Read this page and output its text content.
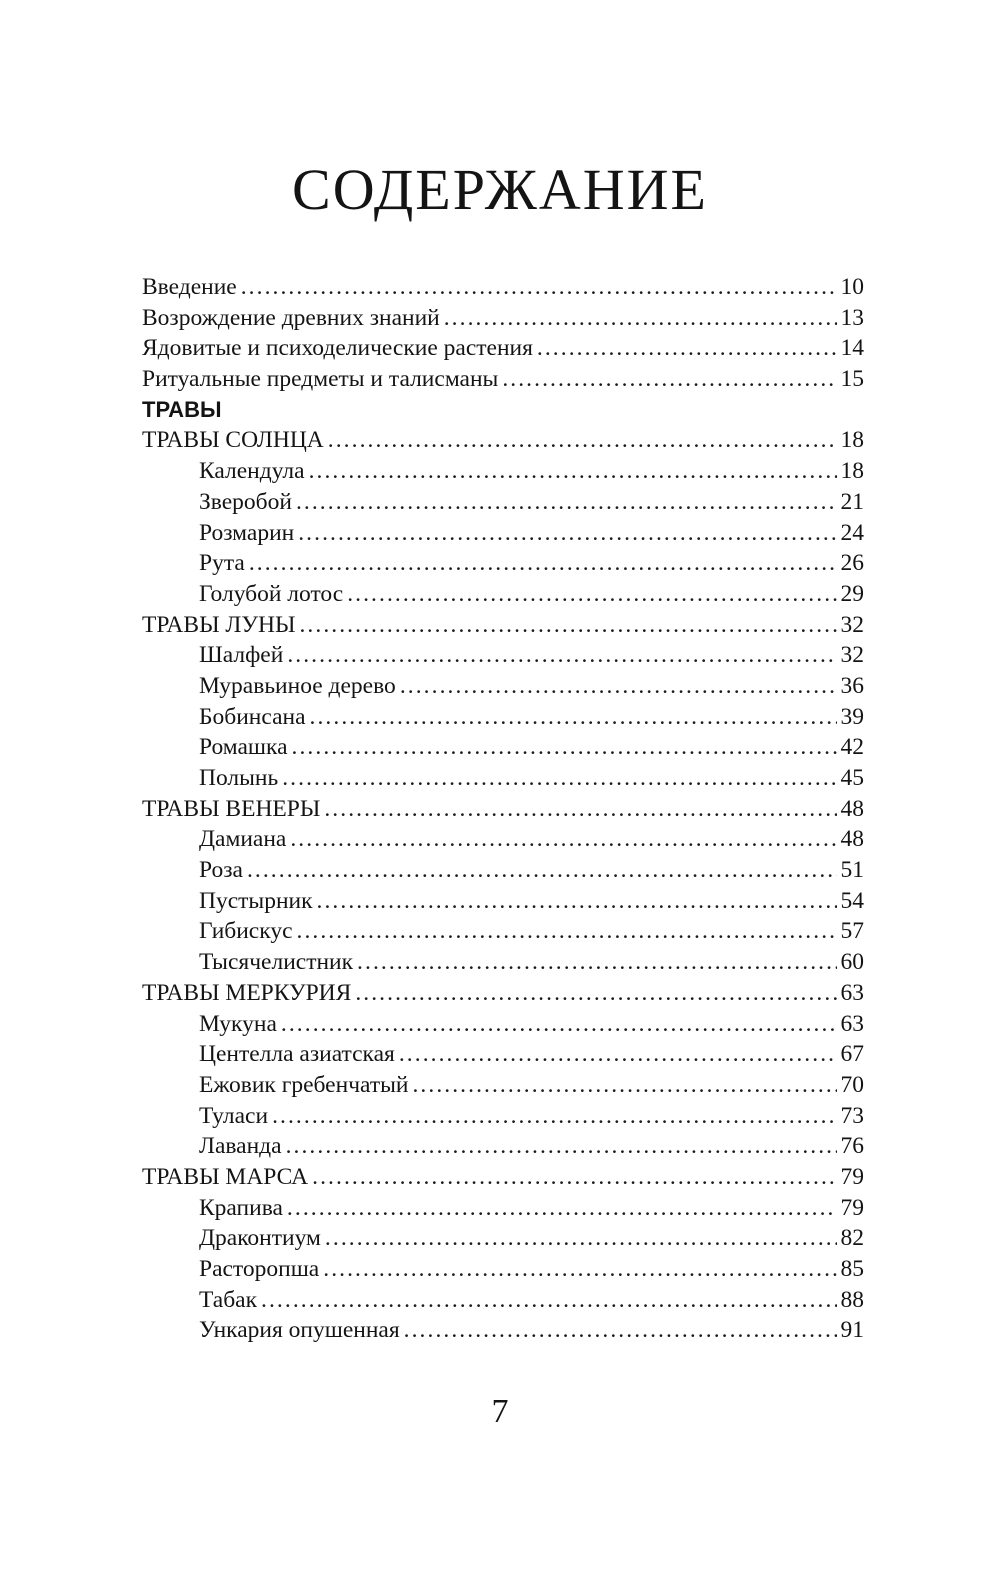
СОДЕРЖАНИЕ
Введение . . .	10
Возрождение древних знаний . . .	13
Ядовитые и психоделические растения . . .	14
Ритуальные предметы и талисманы . . .	15
ТРАВЫ
ТРАВЫ СОЛНЦА . . .	18
Календула . . .	18
Зверобой . . .	21
Розмарин . . .	24
Рута . . .	26
Голубой лотос . . .	29
ТРАВЫ ЛУНЫ . . .	32
Шалфей . . .	32
Муравьиное дерево . . .	36
Бобинсана . . .	39
Ромашка . . .	42
Полынь . . .	45
ТРАВЫ ВЕНЕРЫ . . .	48
Дамиана . . .	48
Роза . . .	51
Пустырник . . .	54
Гибискус . . .	57
Тысячелистник . . .	60
ТРАВЫ МЕРКУРИЯ . . .	63
Мукуна . . .	63
Центелла азиатская . . .	67
Ежовик гребенчатый . . .	70
Туласи . . .	73
Лаванда . . .	76
ТРАВЫ МАРСА . . .	79
Крапива . . .	79
Драконтиум . . .	82
Расторопша . . .	85
Табак . . .	88
Ункария опушенная . . .	91
7
